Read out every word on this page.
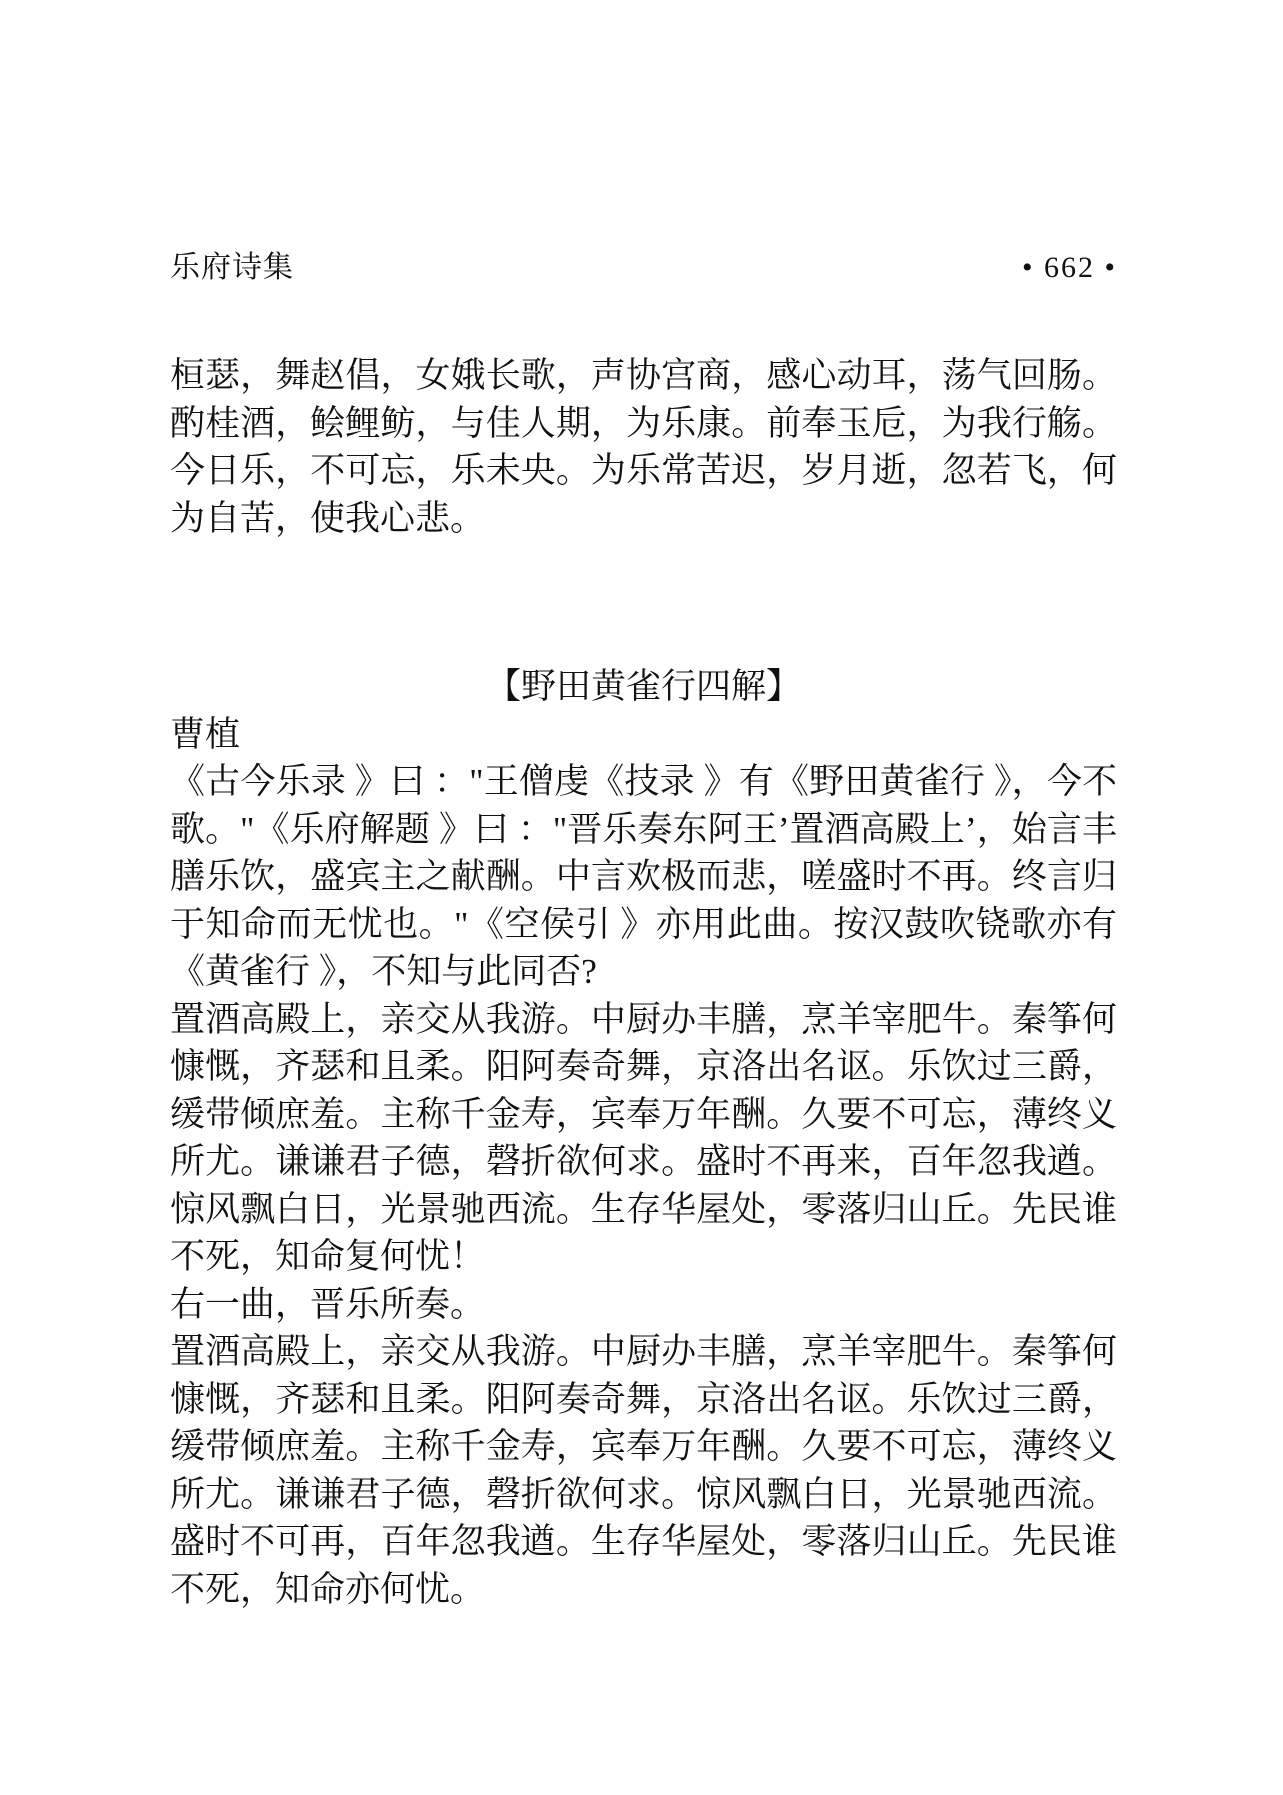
乐府诗集	• 662 •

桓瑟，舞赵倡，女娥长歌，声协宫商，感心动耳，荡气回肠。酌桂酒，鲙鲤鲂，与佳人期，为乐康。前奉玉卮，为我行觞。今日乐，不可忘，乐未央。为乐常苦迟，岁月逝，忽若飞，何为自苦，使我心悲。

【野田黄雀行四解】

曹植

《古今乐录 》曰 ："王僧虔《技录 》有《野田黄雀行 》，今不歌。"《乐府解题 》曰 ："晋乐奏东阿王’置酒高殿上’，始言丰膳乐饮，盛宾主之献酬。中言欢极而悲，嗟盛时不再。终言归于知命而无忧也。"《空侯引 》亦用此曲。按汉鼓吹铙歌亦有《黄雀行 》，不知与此同否?

置酒高殿上，亲交从我游。中厨办丰膳，烹羊宰肥牛。秦筝何慷慨，齐瑟和且柔。阳阿奏奇舞，京洛出名讴。乐饮过三爵，缓带倾庶羞。主称千金寿，宾奉万年酬。久要不可忘，薄终义所尤。谦谦君子德，磬折欲何求。盛时不再来，百年忽我遒。惊风飘白日，光景驰西流。生存华屋处，零落归山丘。先民谁不死，知命复何忧！

右一曲，晋乐所奏。

置酒高殿上，亲交从我游。中厨办丰膳，烹羊宰肥牛。秦筝何慷慨，齐瑟和且柔。阳阿奏奇舞，京洛出名讴。乐饮过三爵，缓带倾庶羞。主称千金寿，宾奉万年酬。久要不可忘，薄终义所尤。谦谦君子德，磬折欲何求。惊风飘白日，光景驰西流。盛时不可再，百年忽我遒。生存华屋处，零落归山丘。先民谁不死，知命亦何忧。
